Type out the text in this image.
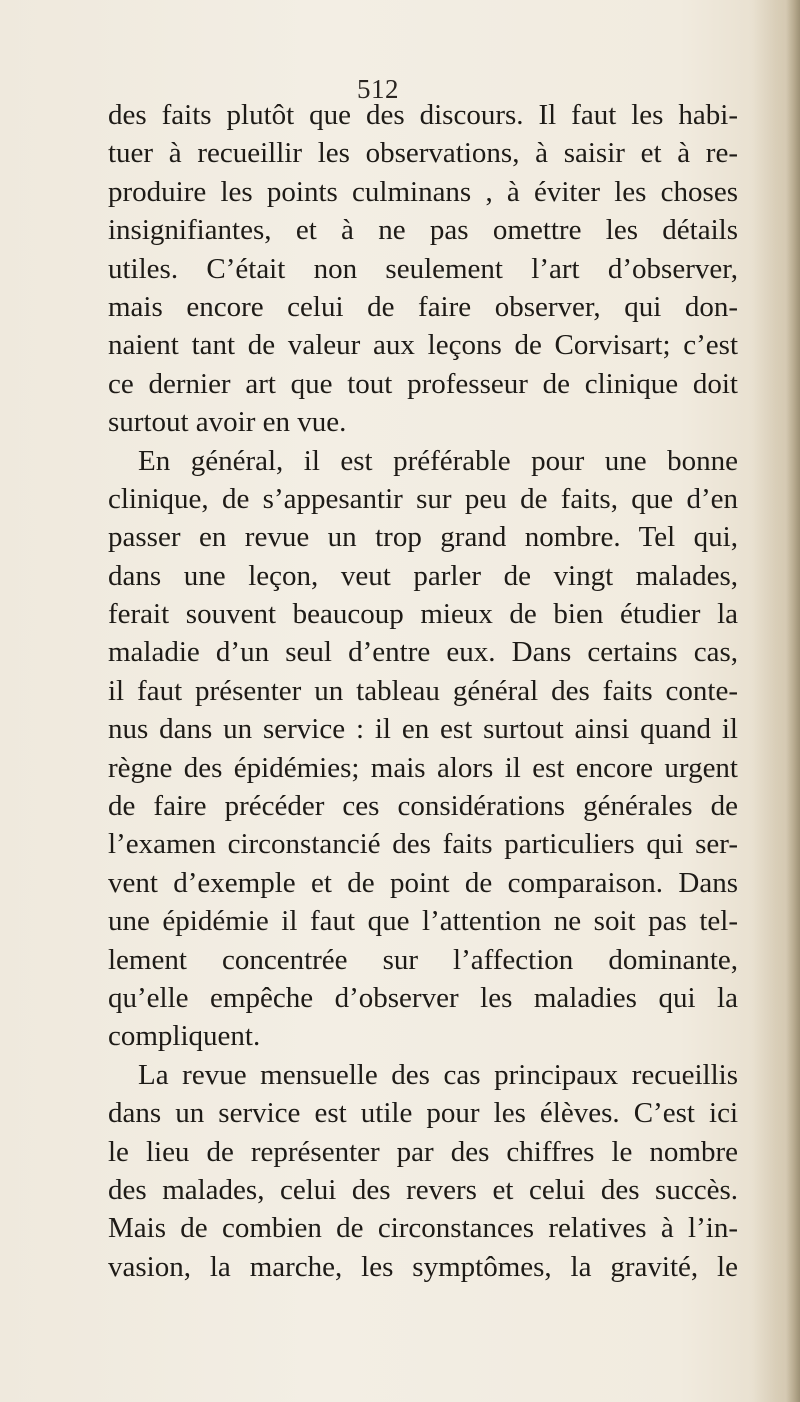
512
des faits plutôt que des discours. Il faut les habi-
tuer à recueillir les observations, à saisir et à re-
produire les points culminans , à éviter les choses
insignifiantes, et à ne pas omettre les détails
utiles. C’était non seulement l’art d’observer,
mais encore celui de faire observer, qui don-
naient tant de valeur aux leçons de Corvisart; c’est
ce dernier art que tout professeur de clinique doit
surtout avoir en vue.
En général, il est préférable pour une bonne
clinique, de s’appesantir sur peu de faits, que d’en
passer en revue un trop grand nombre. Tel qui,
dans une leçon, veut parler de vingt malades,
ferait souvent beaucoup mieux de bien étudier la
maladie d’un seul d’entre eux. Dans certains cas,
il faut présenter un tableau général des faits conte-
nus dans un service : il en est surtout ainsi quand il
règne des épidémies; mais alors il est encore urgent
de faire précéder ces considérations générales de
l’examen circonstancié des faits particuliers qui ser-
vent d’exemple et de point de comparaison. Dans
une épidémie il faut que l’attention ne soit pas tel-
lement concentrée sur l’affection dominante,
qu’elle empêche d’observer les maladies qui la
compliquent.
La revue mensuelle des cas principaux recueillis
dans un service est utile pour les élèves. C’est ici
le lieu de représenter par des chiffres le nombre
des malades, celui des revers et celui des succès.
Mais de combien de circonstances relatives à l’in-
vasion, la marche, les symptômes, la gravité, le
